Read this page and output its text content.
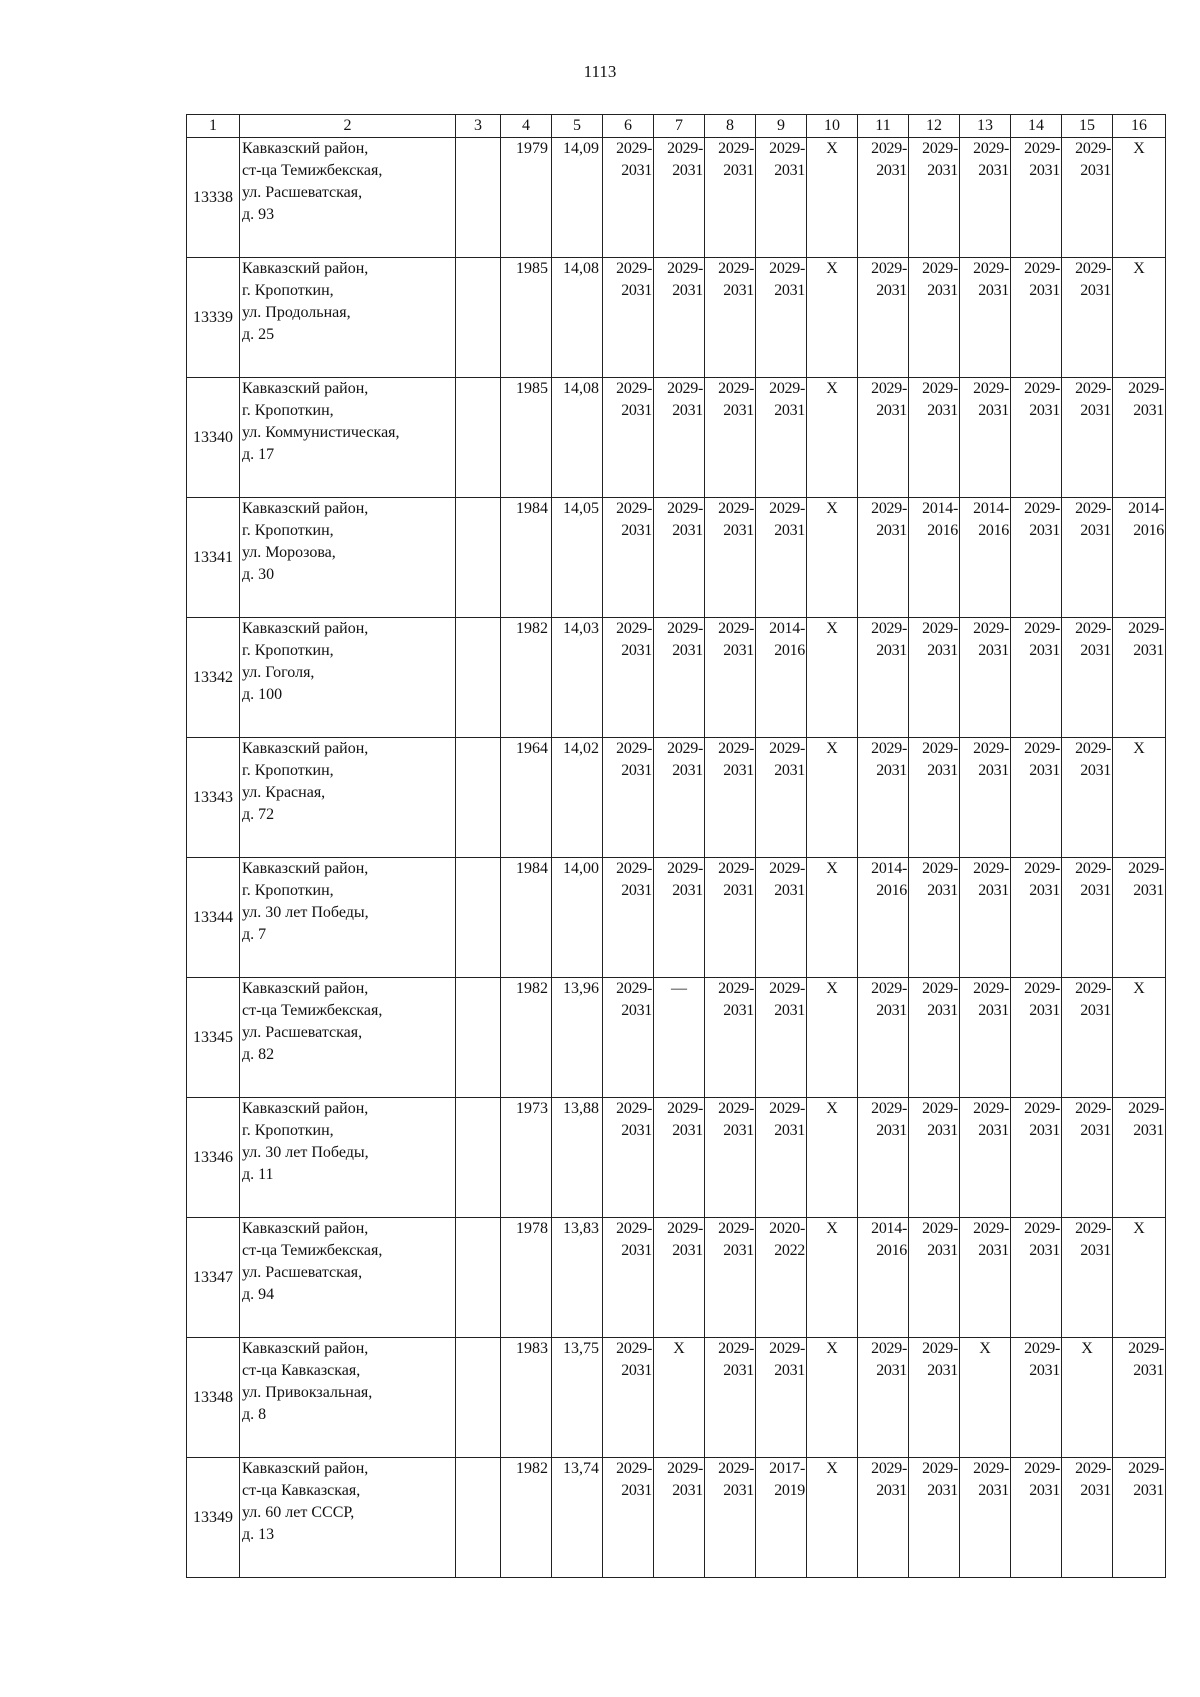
1113
1	2	3	4	5	6	7	8	9	10	11	12	13	14	15	16
13338	Кавказский район,
ст-ца Темижбекская,
ул. Расшеватская,
д. 93		1979	14,09	2029-
2031	2029-
2031	2029-
2031	2029-
2031	X	2029-
2031	2029-
2031	2029-
2031	2029-
2031	2029-
2031	X
13339	Кавказский район,
г. Кропоткин,
ул. Продольная,
д. 25		1985	14,08	2029-
2031	2029-
2031	2029-
2031	2029-
2031	X	2029-
2031	2029-
2031	2029-
2031	2029-
2031	2029-
2031	X
13340	Кавказский район,
г. Кропоткин,
ул. Коммунистическая,
д. 17		1985	14,08	2029-
2031	2029-
2031	2029-
2031	2029-
2031	X	2029-
2031	2029-
2031	2029-
2031	2029-
2031	2029-
2031	2029-
2031

13341	Кавказский район,
г. Кропоткин,
ул. Морозова,
д. 30		1984	14,05	2029-
2031	2029-
2031	2029-
2031	2029-
2031	X	2029-
2031	2014-
2016	2014-
2016	2029-
2031	2029-
2031	2014-
2016

13342	Кавказский район,
г. Кропоткин,
ул. Гоголя,
д. 100		1982	14,03	2029-
2031	2029-
2031	2029-
2031	2014-
2016	X	2029-
2031	2029-
2031	2029-
2031	2029-
2031	2029-
2031	2029-
2031

13343	Кавказский район,
г. Кропоткин,
ул. Красная,
д. 72		1964	14,02	2029-
2031	2029-
2031	2029-
2031	2029-
2031	X	2029-
2031	2029-
2031	2029-
2031	2029-
2031	2029-
2031	X
13344	Кавказский район,
г. Кропоткин,
ул. 30 лет Победы,
д. 7		1984	14,00	2029-
2031	2029-
2031	2029-
2031	2029-
2031	X	2014-
2016	2029-
2031	2029-
2031	2029-
2031	2029-
2031	2029-
2031

13345	Кавказский район,
ст-ца Темижбекская,
ул. Расшеватская,
д. 82		1982	13,96	2029-
2031	—	2029-
2031	2029-
2031	X	2029-
2031	2029-
2031	2029-
2031	2029-
2031	2029-
2031	X
13346	Кавказский район,
г. Кропоткин,
ул. 30 лет Победы,
д. 11		1973	13,88	2029-
2031	2029-
2031	2029-
2031	2029-
2031	X	2029-
2031	2029-
2031	2029-
2031	2029-
2031	2029-
2031	2029-
2031

13347	Кавказский район,
ст-ца Темижбекская,
ул. Расшеватская,
д. 94		1978	13,83	2029-
2031	2029-
2031	2029-
2031	2020-
2022	X	2014-
2016	2029-
2031	2029-
2031	2029-
2031	2029-
2031	X
13348	Кавказский район,
ст-ца Кавказская,
ул. Привокзальная,
д. 8		1983	13,75	2029-
2031	X	2029-
2031	2029-
2031	X	2029-
2031	2029-
2031	X	2029-
2031	X	2029-
2031

13349	Кавказский район,
ст-ца Кавказская,
ул. 60 лет СССР,
д. 13		1982	13,74	2029-
2031	2029-
2031	2029-
2031	2017-
2019	X	2029-
2031	2029-
2031	2029-
2031	2029-
2031	2029-
2031	2029-
2031
